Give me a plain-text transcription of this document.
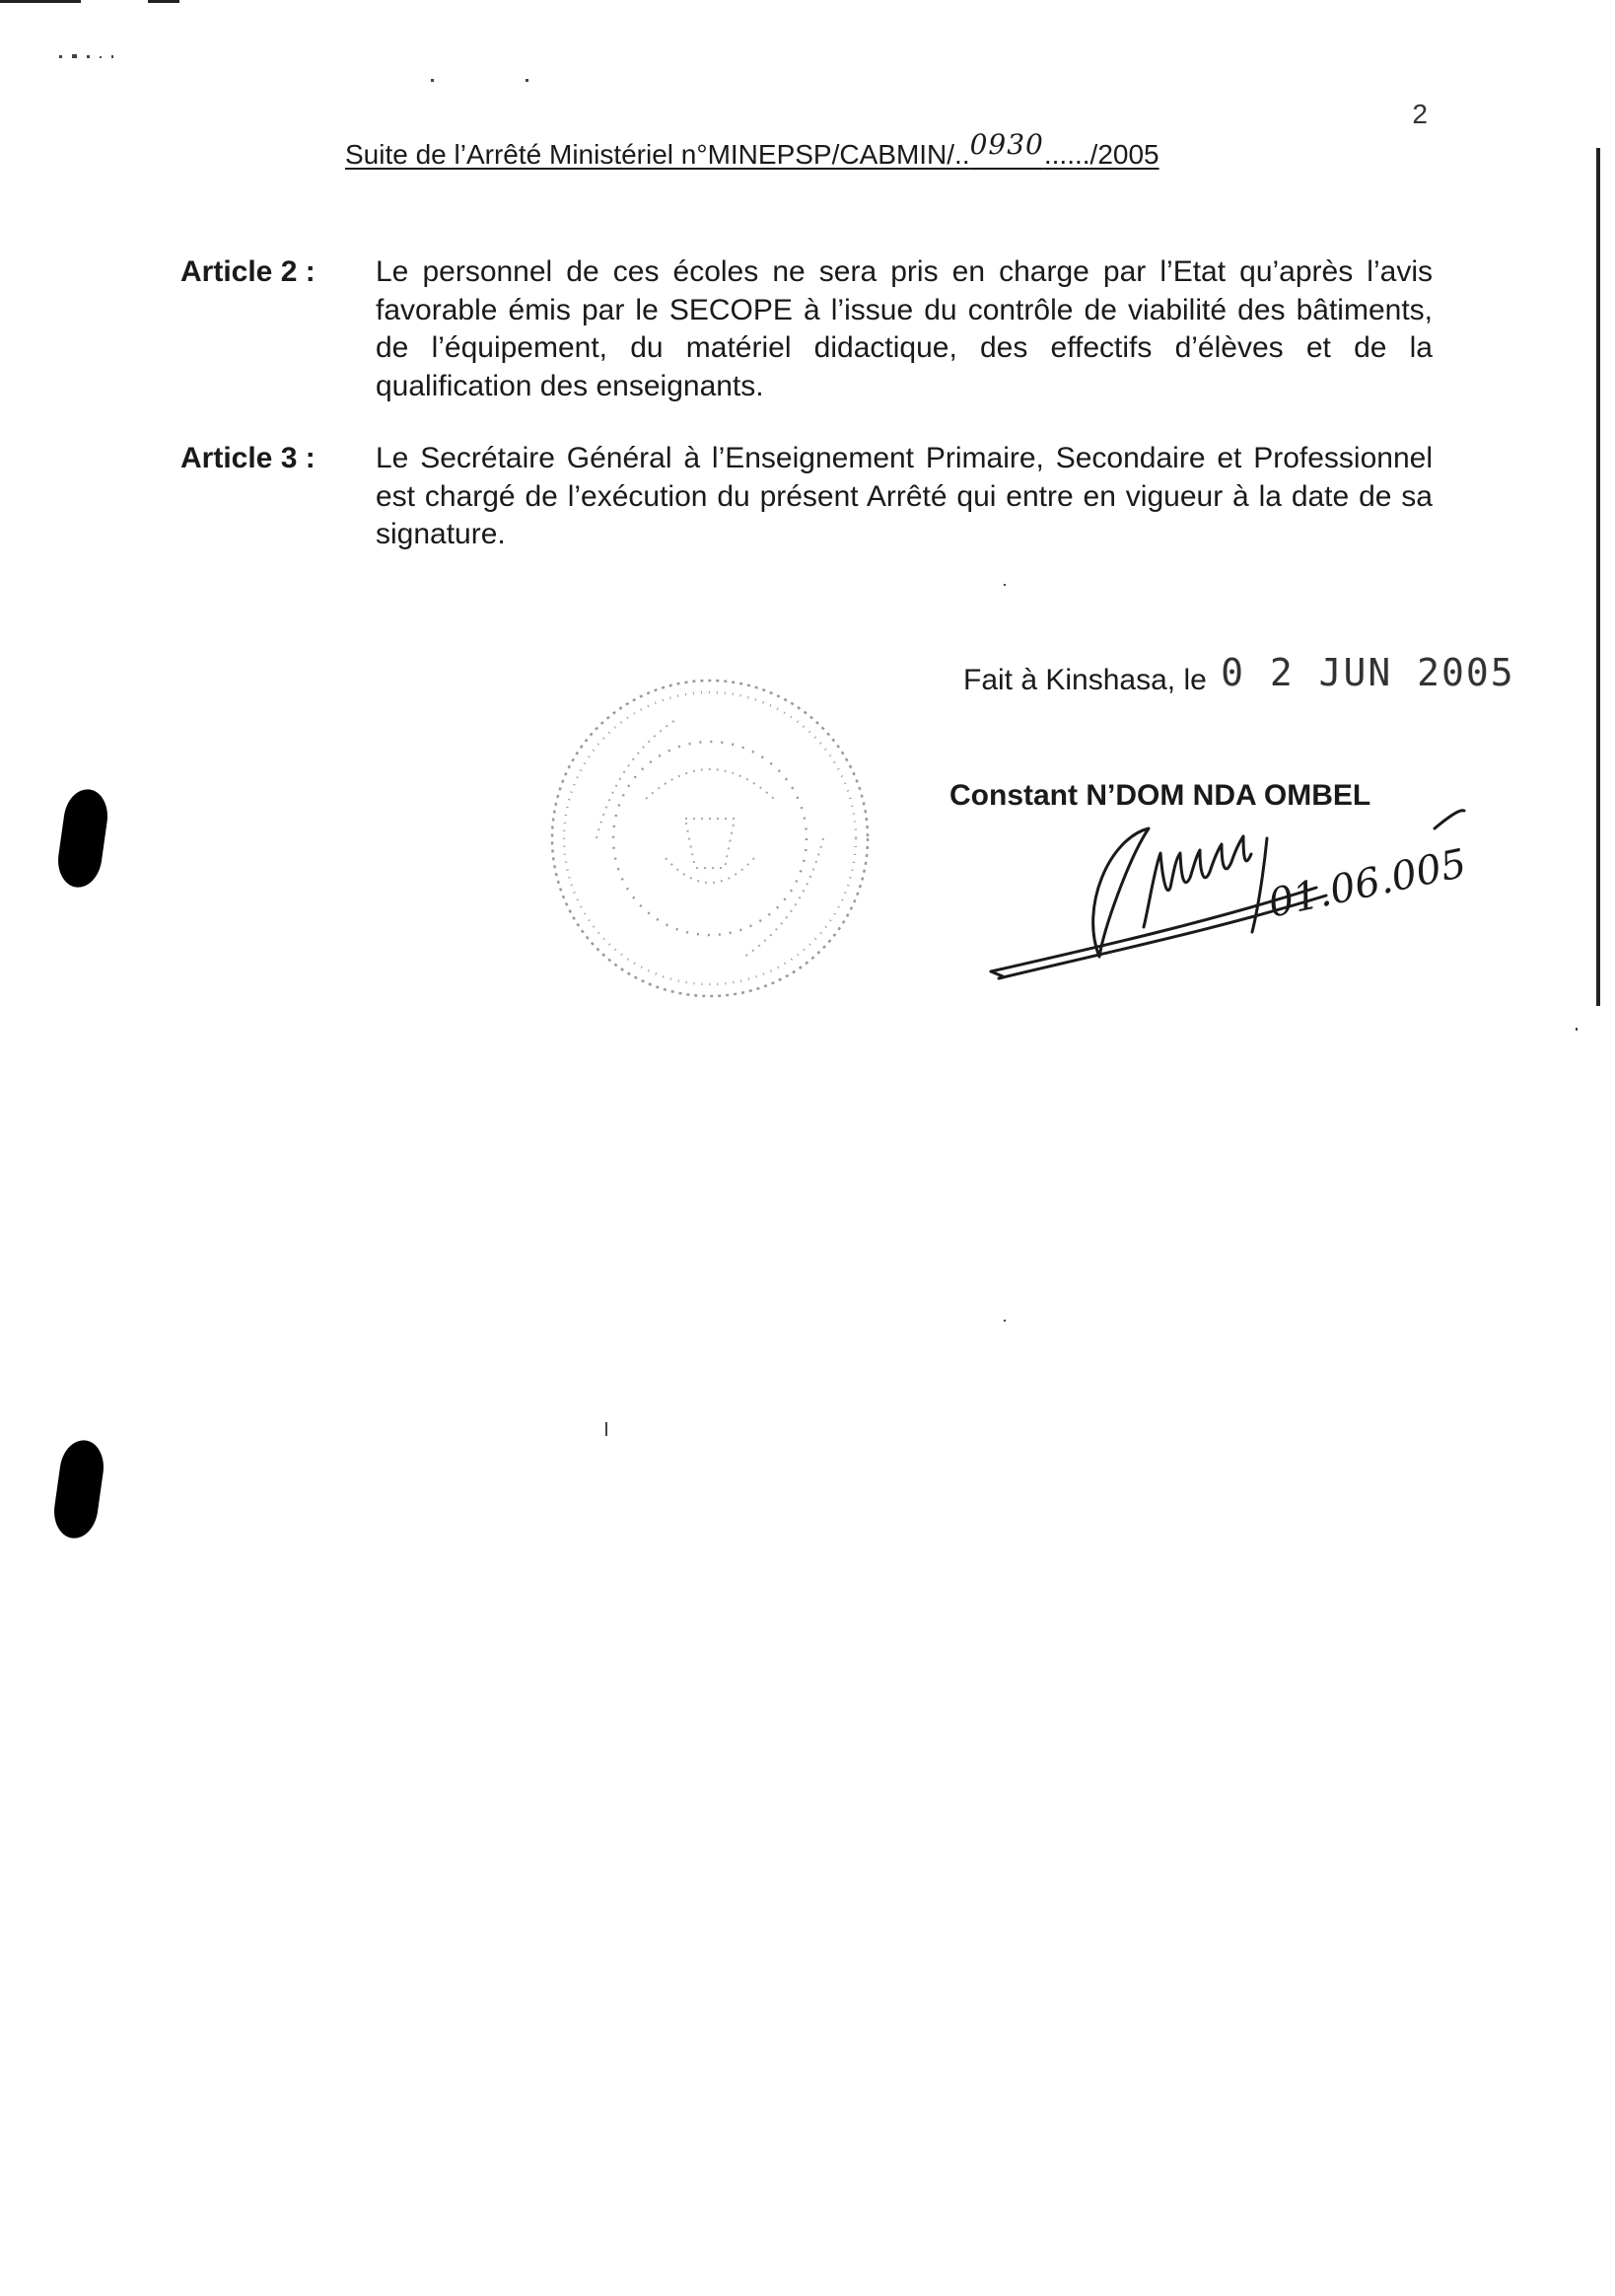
2
Suite de l’Arrêté Ministériel n°MINEPSP/CABMIN/..0930....../2005
Article 2 : Le personnel de ces écoles ne sera pris en charge par l’Etat qu’après l’avis favorable émis par le SECOPE à l’issue du contrôle de viabilité des bâtiments, de l’équipement, du matériel didactique, des effectifs d’élèves et de la qualification des enseignants.
Article 3 : Le Secrétaire Général à l’Enseignement Primaire, Secondaire et Professionnel est chargé de l’exécution du présent Arrêté qui entre en vigueur à la date de sa signature.
Fait à Kinshasa, le 0 2 JUN 2005
Constant N’DOM NDA OMBEL
01.06.005
